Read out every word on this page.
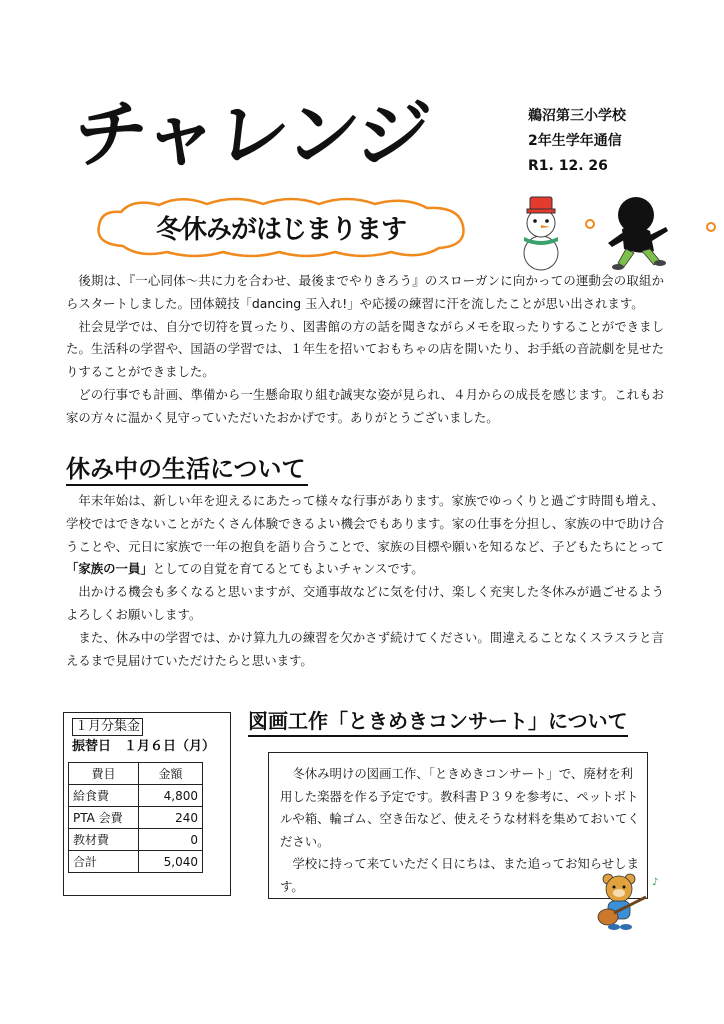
チャレンジ	鵜沼第三小学校
2年生学年通信
R1. 12. 26
冬休みがはじまります

後期は、『一心同体～共に力を合わせ、最後までやりきろう』のスローガンに向かっての運動会の取組からスタートしました。団体競技「dancing 玉入れ!」や応援の練習に汗を流したことが思い出されます。

社会見学では、自分で切符を買ったり、図書館の方の話を聞きながらメモを取ったりすることができました。生活科の学習や、国語の学習では、１年生を招いておもちゃの店を開いたり、お手紙の音読劇を見せたりすることができました。

どの行事でも計画、準備から一生懸命取り組む誠実な姿が見られ、４月からの成長を感じます。これもお家の方々に温かく見守っていただいたおかげです。ありがとうございました。

休み中の生活について

年末年始は、新しい年を迎えるにあたって様々な行事があります。家族でゆっくりと過ごす時間も増え、学校ではできないことがたくさん体験できるよい機会でもあります。家の仕事を分担し、家族の中で助け合うことや、元日に家族で一年の抱負を語り合うことで、家族の目標や願いを知るなど、子どもたちにとって「家族の一員」としての自覚を育てるとてもよいチャンスです。

出かける機会も多くなると思いますが、交通事故などに気を付け、楽しく充実した冬休みが過ごせるようよろしくお願いします。

また、休み中の学習では、かけ算九九の練習を欠かさず続けてください。間違えることなくスラスラと言えるまで見届けていただけたらと思います。

１月分集金
振替日　１月６日（月）
費目	金額
給食費	4,800
PTA 会費	240
教材費	0
合計	5,040
図画工作「ときめきコンサート」について

冬休み明けの図画工作、「ときめきコンサート」で、廃材を利用した楽器を作る予定です。教科書Ｐ３９を参考に、ペットボトルや箱、輪ゴム、空き缶など、使えそうな材料を集めておいてください。

学校に持って来ていただく日にちは、また追ってお知らせします。	♪
